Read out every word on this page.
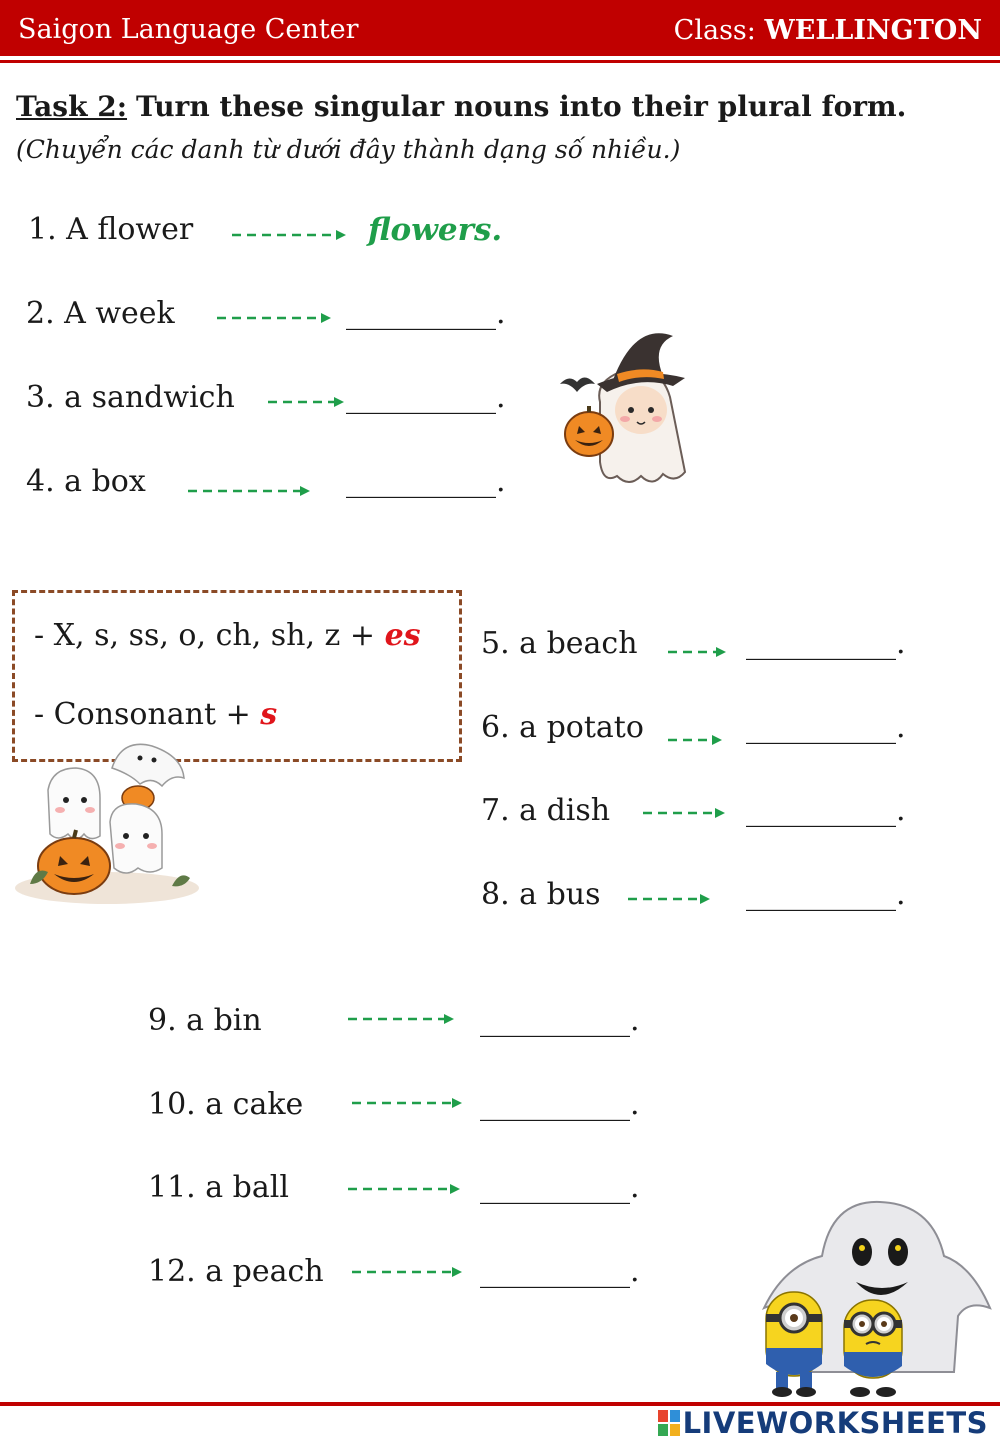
Saigon Language Center	Class: WELLINGTON
Task 2: Turn these singular nouns into their plural form. (Chuyển các danh từ dưới đây thành dạng số nhiều.)
1. A flower	flowers.
2. A week	__________.
3. a sandwich	__________.
4. a box	__________.
- X, s, ss, o, ch, sh, z + es
- Consonant + s
5. a beach	__________.
6. a potato	__________.
7. a dish	__________.
8. a bus	__________.
9. a bin	__________.
10. a cake	__________.
11. a ball	__________.
12. a peach	__________.
LIVEWORKSHEETS
